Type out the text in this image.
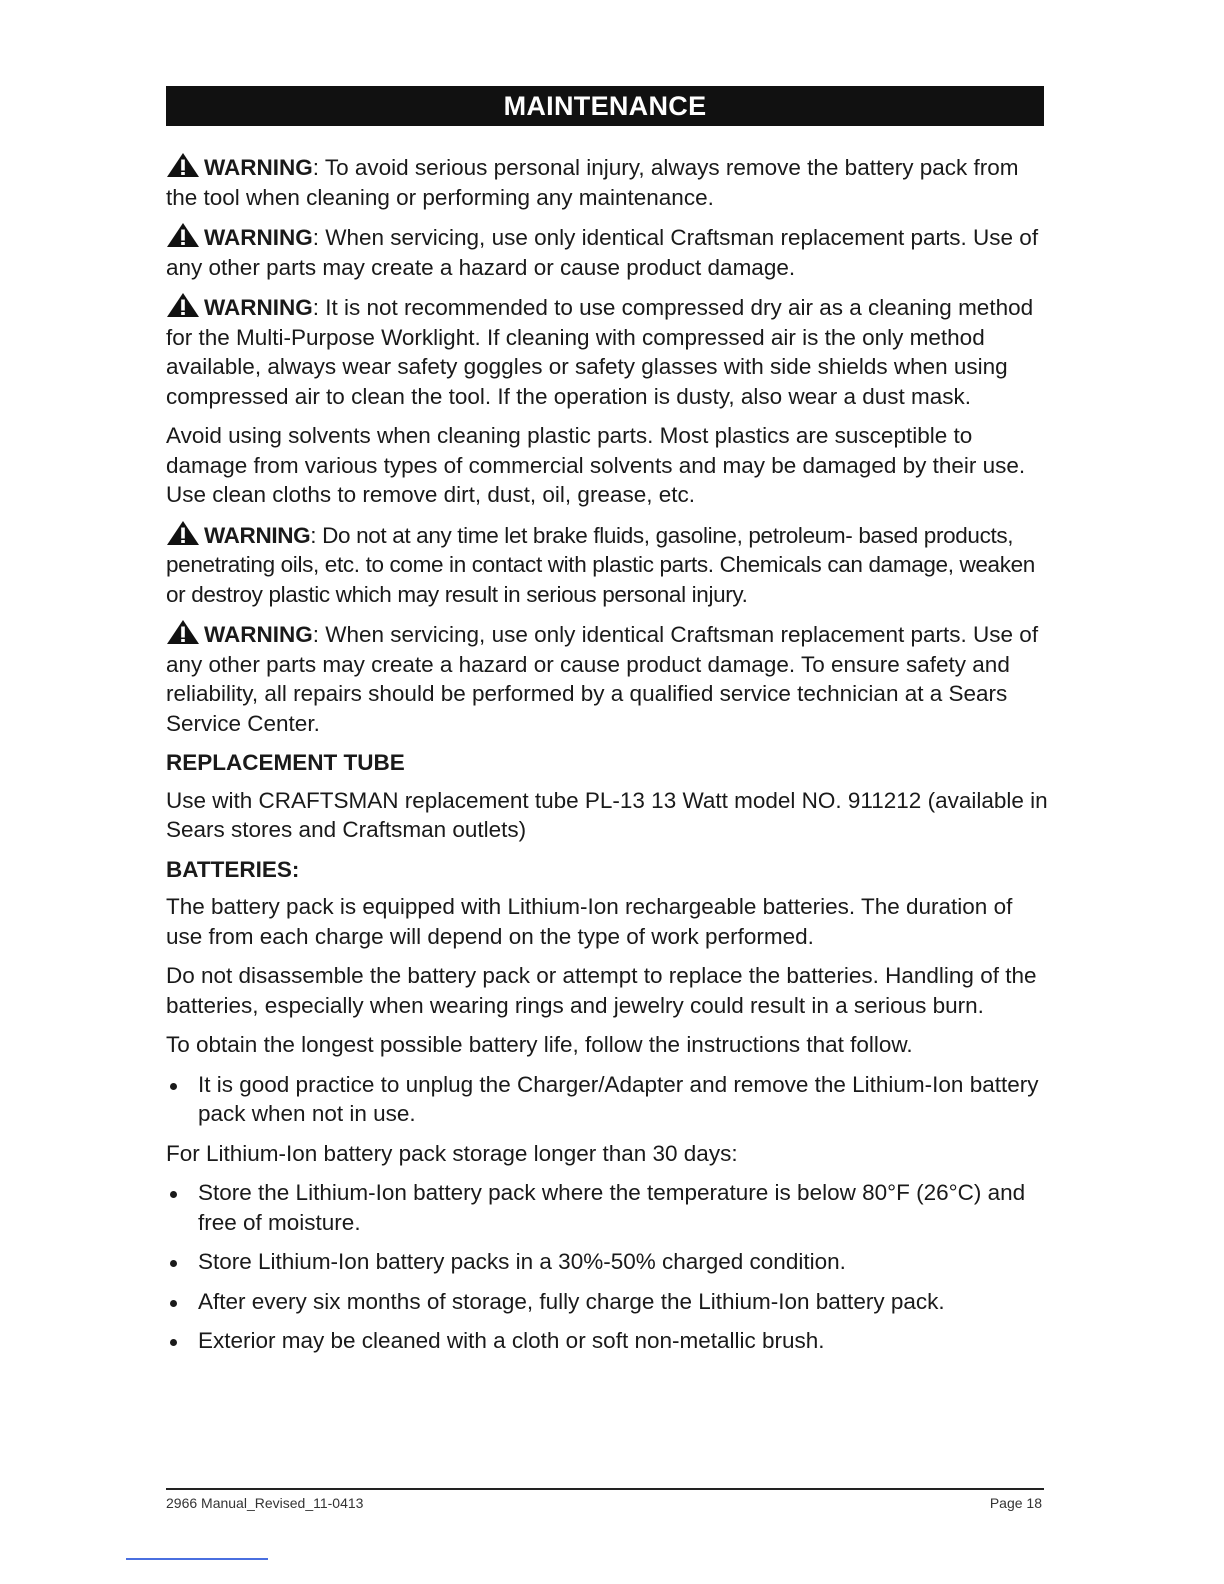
MAINTENANCE

WARNING: To avoid serious personal injury, always remove the battery pack from the tool when cleaning or performing any maintenance.

WARNING: When servicing, use only identical Craftsman replacement parts. Use of any other parts may create a hazard or cause product damage.

WARNING: It is not recommended to use compressed dry air as a cleaning method for the Multi-Purpose Worklight. If cleaning with compressed air is the only method available, always wear safety goggles or safety glasses with side shields when using compressed air to clean the tool. If the operation is dusty, also wear a dust mask.

Avoid using solvents when cleaning plastic parts. Most plastics are susceptible to damage from various types of commercial solvents and may be damaged by their use. Use clean cloths to remove dirt, dust, oil, grease, etc.

WARNING: Do not at any time let brake fluids, gasoline, petroleum- based products, penetrating oils, etc. to come in contact with plastic parts. Chemicals can damage, weaken or destroy plastic which may result in serious personal injury.

WARNING: When servicing, use only identical Craftsman replacement parts. Use of any other parts may create a hazard or cause product damage. To ensure safety and reliability, all repairs should be performed by a qualified service technician at a Sears Service Center.

REPLACEMENT TUBE

Use with CRAFTSMAN replacement tube PL-13 13 Watt model NO. 911212 (available in Sears stores and Craftsman outlets)

BATTERIES:

The battery pack is equipped with Lithium-Ion rechargeable batteries. The duration of use from each charge will depend on the type of work performed.

Do not disassemble the battery pack or attempt to replace the batteries. Handling of the batteries, especially when wearing rings and jewelry could result in a serious burn.

To obtain the longest possible battery life, follow the instructions that follow.

It is good practice to unplug the Charger/Adapter and remove the Lithium-Ion battery pack when not in use.

For Lithium-Ion battery pack storage longer than 30 days:

Store the Lithium-Ion battery pack where the temperature is below 80°F (26°C) and free of moisture.
Store Lithium-Ion battery packs in a 30%-50% charged condition.
After every six months of storage, fully charge the Lithium-Ion battery pack.
Exterior may be cleaned with a cloth or soft non-metallic brush.
2966 Manual_Revised_11-0413	Page 18
